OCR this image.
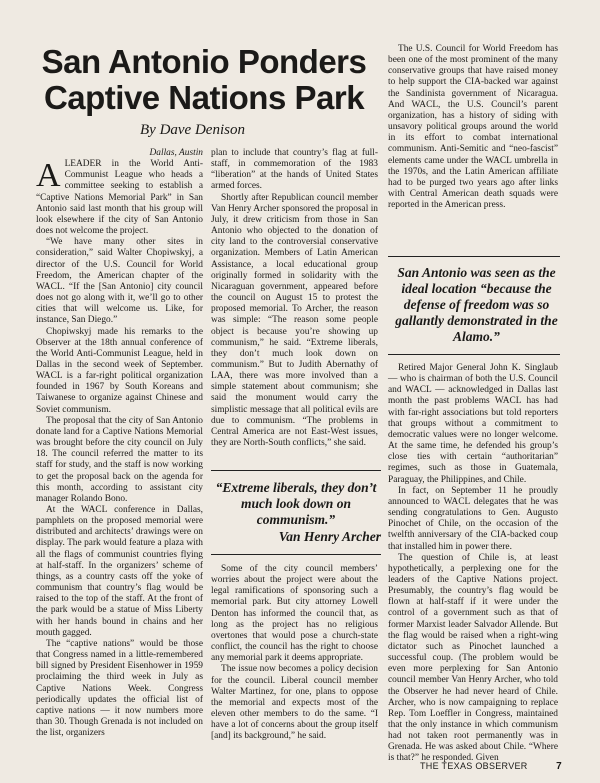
San Antonio Ponders Captive Nations Park
By Dave Denison

Dallas, Austin

ALEADER in the World Anti-Communist League who heads a committee seeking to establish a “Captive Nations Memorial Park” in San Antonio said last month that his group will look elsewhere if the city of San Antonio does not welcome the project.

“We have many other sites in consideration,” said Walter Chopiwskyj, a director of the U.S. Council for World Freedom, the American chapter of the WACL. “If the [San Antonio] city council does not go along with it, we’ll go to other cities that will welcome us. Like, for instance, San Diego.”

Chopiwskyj made his remarks to the Observer at the 18th annual conference of the World Anti-Communist League, held in Dallas in the second week of September. WACL is a far-right political organization founded in 1967 by South Koreans and Taiwanese to organize against Chinese and Soviet communism.

The proposal that the city of San Antonio donate land for a Captive Nations Memorial was brought before the city council on July 18. The council referred the matter to its staff for study, and the staff is now working to get the proposal back on the agenda for this month, according to assistant city manager Rolando Bono.

At the WACL conference in Dallas, pamphlets on the proposed memorial were distributed and architects’ drawings were on display. The park would feature a plaza with all the flags of communist countries flying at half-staff. In the organizers’ scheme of things, as a country casts off the yoke of communism that country’s flag would be raised to the top of the staff. At the front of the park would be a statue of Miss Liberty with her hands bound in chains and her mouth gagged.

The “captive nations” would be those that Congress named in a little-remembered bill signed by President Eisenhower in 1959 proclaiming the third week in July as Captive Nations Week. Congress periodically updates the official list of captive nations — it now numbers more than 30. Though Grenada is not included on the list, organizers

plan to include that country’s flag at full-staff, in commemoration of the 1983 “liberation” at the hands of United States armed forces.

Shortly after Republican council member Van Henry Archer sponsored the proposal in July, it drew criticism from those in San Antonio who objected to the donation of city land to the controversial conservative organization. Members of Latin American Assistance, a local educational group originally formed in solidarity with the Nicaraguan government, appeared before the council on August 15 to protest the proposed memorial. To Archer, the reason was simple: “The reason some people object is because you’re showing up communism,” he said. “Extreme liberals, they don’t much look down on communism.” But to Judith Abernathy of LAA, there was more involved than a simple statement about communism; she said the monument would carry the simplistic message that all political evils are due to communism. “The problems in Central America are not East-West issues, they are North-South conflicts,” she said.

“Extreme liberals, they don’t much look down on communism.”
Van Henry Archer

Some of the city council members’ worries about the project were about the legal ramifications of sponsoring such a memorial park. But city attorney Lowell Denton has informed the council that, as long as the project has no religious overtones that would pose a church-state conflict, the council has the right to choose any memorial park it deems appropriate.

The issue now becomes a policy decision for the council. Liberal council member Walter Martinez, for one, plans to oppose the memorial and expects most of the eleven other members to do the same. “I have a lot of concerns about the group itself [and] its background,” he said.

The U.S. Council for World Freedom has been one of the most prominent of the many conservative groups that have raised money to help support the CIA-backed war against the Sandinista government of Nicaragua. And WACL, the U.S. Council’s parent organization, has a history of siding with unsavory political groups around the world in its effort to combat international communism. Anti-Semitic and “neo-fascist” elements came under the WACL umbrella in the 1970s, and the Latin American affiliate had to be purged two years ago after links with Central American death squads were reported in the American press.

San Antonio was seen as the ideal location “because the defense of freedom was so gallantly demonstrated in the Alamo.”

Retired Major General John K. Singlaub — who is chairman of both the U.S. Council and WACL — acknowledged in Dallas last month the past problems WACL has had with far-right associations but told reporters that groups without a commitment to democratic values were no longer welcome. At the same time, he defended his group’s close ties with certain “authoritarian” regimes, such as those in Guatemala, Paraguay, the Philippines, and Chile.

In fact, on September 11 he proudly announced to WACL delegates that he was sending congratulations to Gen. Augusto Pinochet of Chile, on the occasion of the twelfth anniversary of the CIA-backed coup that installed him in power there.

The question of Chile is, at least hypothetically, a perplexing one for the leaders of the Captive Nations project. Presumably, the country’s flag would be flown at half-staff if it were under the control of a government such as that of former Marxist leader Salvador Allende. But the flag would be raised when a right-wing dictator such as Pinochet launched a successful coup. (The problem would be even more perplexing for San Antonio council member Van Henry Archer, who told the Observer he had never heard of Chile. Archer, who is now campaigning to replace Rep. Tom Loeffler in Congress, maintained that the only instance in which communism had not taken root permanently was in Grenada. He was asked about Chile. “Where is that?” he responded. Given

THE TEXAS OBSERVER	7
